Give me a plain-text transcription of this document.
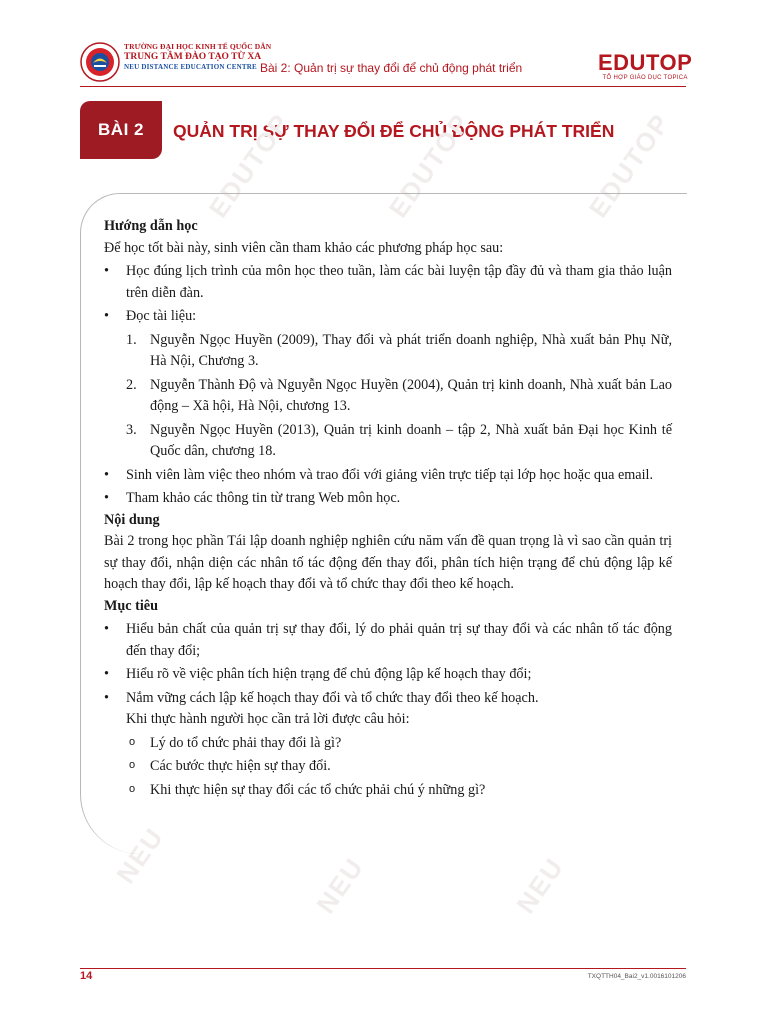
TRƯỜNG ĐẠI HỌC KINH TẾ QUỐC DÂN
TRUNG TÂM ĐÀO TẠO TỪ XA
NEU DISTANCE EDUCATION CENTRE Bài 2: Quản trị sự thay đổi để chủ động phát triển	EDUTOP
TỔ HỢP GIÁO DỤC TOPICA
BÀI 2 QUẢN TRỊ SỰ THAY ĐỔI ĐỂ CHỦ ĐỘNG PHÁT TRIỂN
EDUTOP	EDUTOP	EDUTOP
NEU	NEU	NEU

Hướng dẫn học

Để học tốt bài này, sinh viên cần tham khảo các phương pháp học sau:

• Học đúng lịch trình của môn học theo tuần, làm các bài luyện tập đầy đủ và tham gia thảo luận trên diễn đàn.
• Đọc tài liệu:
1. Nguyễn Ngọc Huyền (2009), Thay đổi và phát triển doanh nghiệp, Nhà xuất bản Phụ Nữ, Hà Nội, Chương 3.
2. Nguyễn Thành Độ và Nguyễn Ngọc Huyền (2004), Quản trị kinh doanh, Nhà xuất bản Lao động – Xã hội, Hà Nội, chương 13.
3. Nguyễn Ngọc Huyền (2013), Quản trị kinh doanh – tập 2, Nhà xuất bản Đại học Kinh tế Quốc dân, chương 18.
• Sinh viên làm việc theo nhóm và trao đổi với giảng viên trực tiếp tại lớp học hoặc qua email.
• Tham khảo các thông tin từ trang Web môn học.

Nội dung

Bài 2 trong học phần Tái lập doanh nghiệp nghiên cứu năm vấn đề quan trọng là vì sao cần quản trị sự thay đổi, nhận diện các nhân tố tác động đến thay đổi, phân tích hiện trạng để chủ động lập kế hoạch thay đổi, lập kế hoạch thay đổi và tổ chức thay đổi theo kế hoạch.

Mục tiêu

• Hiểu bản chất của quản trị sự thay đổi, lý do phải quản trị sự thay đổi và các nhân tố tác động đến thay đổi;
• Hiểu rõ về việc phân tích hiện trạng để chủ động lập kế hoạch thay đổi;
• Nắm vững cách lập kế hoạch thay đổi và tổ chức thay đổi theo kế hoạch.

Khi thực hành người học cần trả lời được câu hỏi:

o Lý do tổ chức phải thay đổi là gì?
o Các bước thực hiện sự thay đổi.
o Khi thực hiện sự thay đổi các tổ chức phải chú ý những gì?
14	TXQTTH04_Bai2_v1.0016101206
